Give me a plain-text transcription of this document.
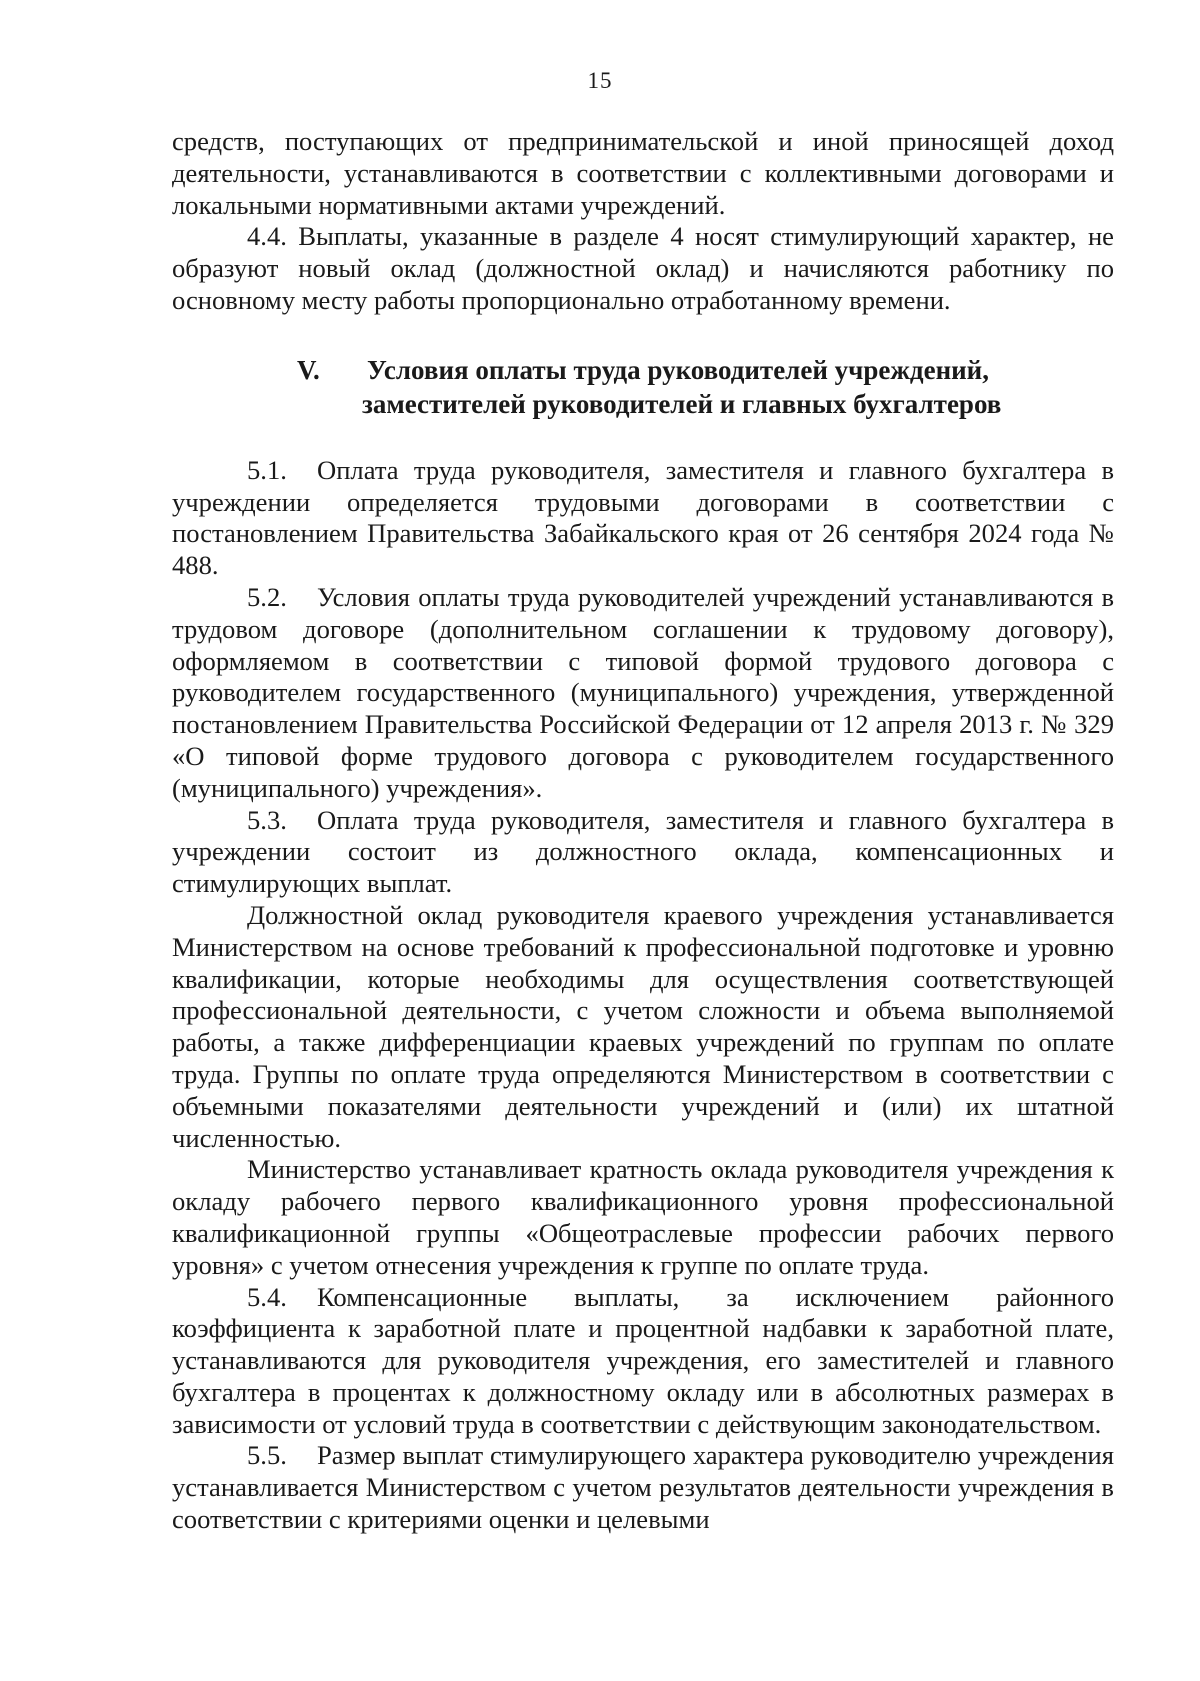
15

средств, поступающих от предпринимательской и иной приносящей доход деятельности, устанавливаются в соответствии с коллективными договорами и локальными нормативными актами учреждений.

4.4. Выплаты, указанные в разделе 4 носят стимулирующий характер, не образуют новый оклад (должностной оклад) и начисляются работнику по основному месту работы пропорционально отработанному времени.

V.	Условия оплаты труда руководителей учреждений,
заместителей руководителей и главных бухгалтеров

5.1. Оплата труда руководителя, заместителя и главного бухгалтера в учреждении определяется трудовыми договорами в соответствии с постановлением Правительства Забайкальского края от 26 сентября 2024 года № 488.

5.2. Условия оплаты труда руководителей учреждений устанавливаются в трудовом договоре (дополнительном соглашении к трудовому договору), оформляемом в соответствии с типовой формой трудового договора с руководителем государственного (муниципального) учреждения, утвержденной постановлением Правительства Российской Федерации от 12 апреля 2013 г. № 329 «О типовой форме трудового договора с руководителем государственного (муниципального) учреждения».

5.3. Оплата труда руководителя, заместителя и главного бухгалтера в учреждении состоит из должностного оклада, компенсационных и стимулирующих выплат.

Должностной оклад руководителя краевого учреждения устанавливается Министерством на основе требований к профессиональной подготовке и уровню квалификации, которые необходимы для осуществления соответствующей профессиональной деятельности, с учетом сложности и объема выполняемой работы, а также дифференциации краевых учреждений по группам по оплате труда. Группы по оплате труда определяются Министерством в соответствии с объемными показателями деятельности учреждений и (или) их штатной численностью.

Министерство устанавливает кратность оклада руководителя учреждения к окладу рабочего первого квалификационного уровня профессиональной квалификационной группы «Общеотраслевые профессии рабочих первого уровня» с учетом отнесения учреждения к группе по оплате труда.

5.4. Компенсационные выплаты, за исключением районного коэффициента к заработной плате и процентной надбавки к заработной плате, устанавливаются для руководителя учреждения, его заместителей и главного бухгалтера в процентах к должностному окладу или в абсолютных размерах в зависимости от условий труда в соответствии с действующим законодательством.

5.5. Размер выплат стимулирующего характера руководителю учреждения устанавливается Министерством с учетом результатов деятельности учреждения в соответствии с критериями оценки и целевыми
